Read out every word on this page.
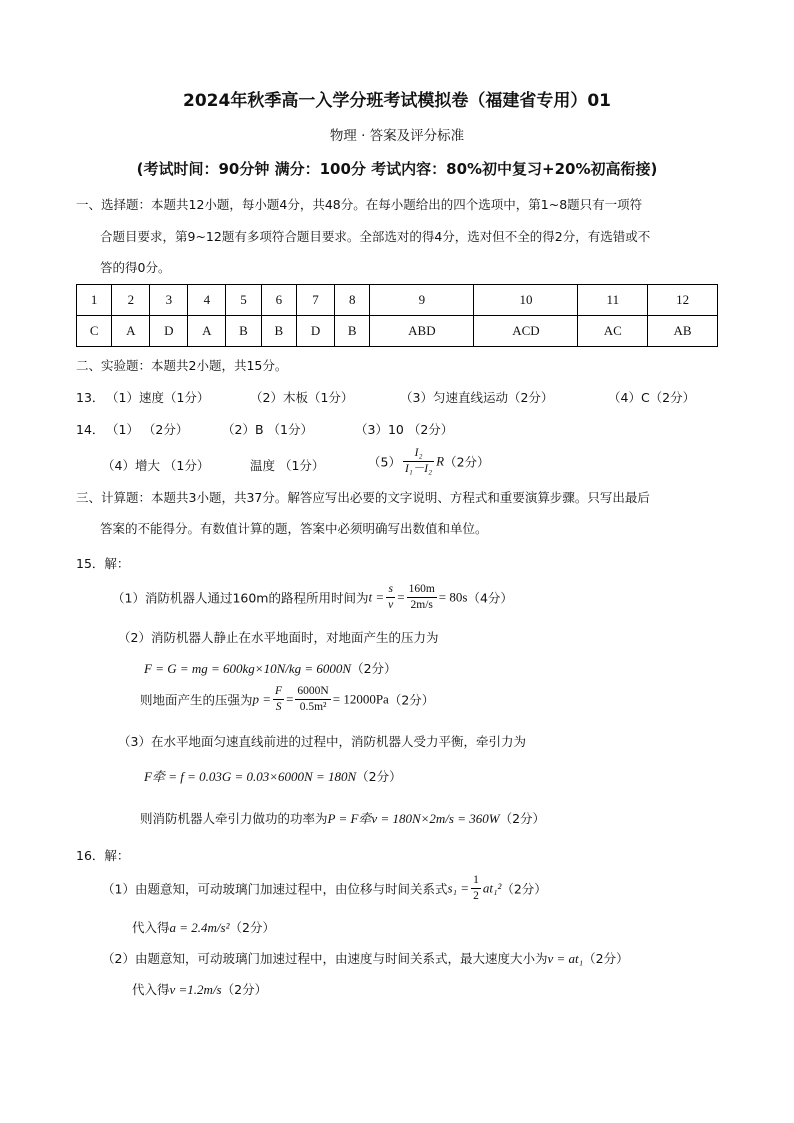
2024年秋季高一入学分班考试模拟卷（福建省专用）01
物理 · 答案及评分标准
(考试时间：90分钟 满分：100分 考试内容：80%初中复习+20%初高衔接)
一、选择题：本题共12小题，每小题4分，共48分。在每小题给出的四个选项中，第1~8题只有一项符
合题目要求，第9~12题有多项符合题目要求。全部选对的得4分，选对但不全的得2分，有选错或不
答的得0分。
1	2	3	4	5	6	7	8	9	10	11	12
C	A	D	A	B	B	D	B	ABD	ACD	AC	AB
二、实验题：本题共2小题，共15分。
13． （1）速度（1分）	（2）木板（1分）	（3）匀速直线运动（2分）	（4）C（2分）
14． （1） （2分）	（2）B （1分）	（3）10 （2分）
（4）增大 （1分）	温度 （1分）	$(5) \frac{\text{I₂}}{\text{I₁－I₂}} R(2$分）
三、计算题：本题共3小题，共37分。解答应写出必要的文字说明、方程式和重要演算步骤。只写出最后
答案的不能得分。有数值计算的题，答案中必须明确写出数值和单位。
15．解：
（1）消防机器人通过160m的路程所用时间为$t = \frac{s}{v} = \frac{160m}{2m/s} = 80s(4$分）
（2）消防机器人静止在水平地面时，对地面产生的压力为
F = G = mg = 600kg×10N/kg = 6000N（2分）
则地面产生的压强为$p = \frac{F}{S} = \frac{6000N}{\text{0.5m²}} = 12000Pa(2$分）
（3）在水平地面匀速直线前进的过程中，消防机器人受力平衡，牵引力为
F牵 = f = 0.03G = 0.03×6000N = 180N（2分）
则消防机器人牵引力做功的功率为P = F牵v = 180N×2m/s = 360W（2分）
16．解：
（1）由题意知，可动玻璃门加速过程中，由位移与时间关系式$s_1 = \frac{1}{2} at_1^2(2$分）
代入得a = 2.4m/s²（2分）
（2）由题意知，可动玻璃门加速过程中，由速度与时间关系式，最大速度大小为v = at₁（2分）
代入得v =1.2m/s（2分）
